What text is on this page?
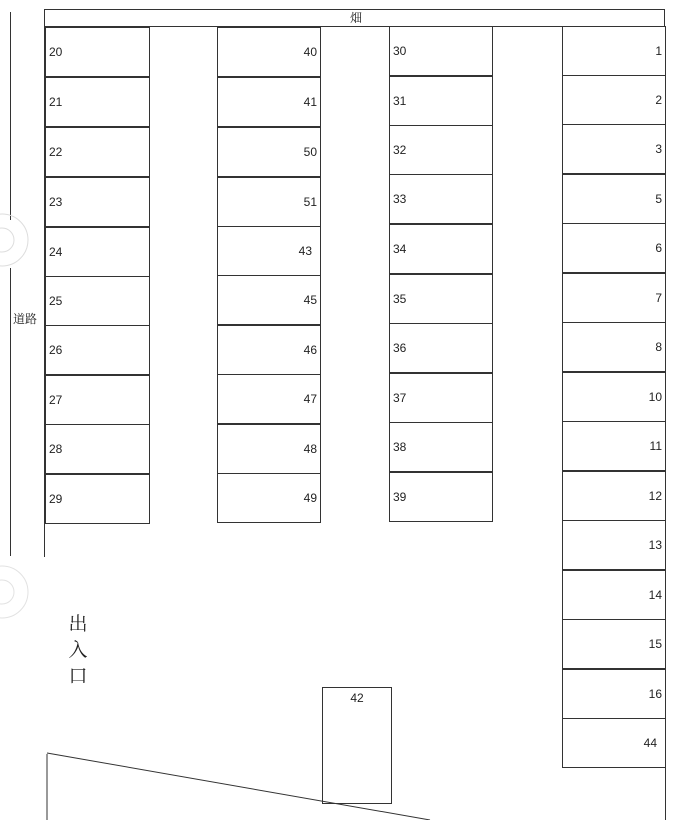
畑
道路
20
21
22
23
24
25
26
27
28
29
40
41
50
51
43
45
46
47
48
49
30
31
32
33
34
35
36
37
38
39
1
2
3
5
6
7
8
10
11
12
13
14
15
16
44
42
出
入
口
